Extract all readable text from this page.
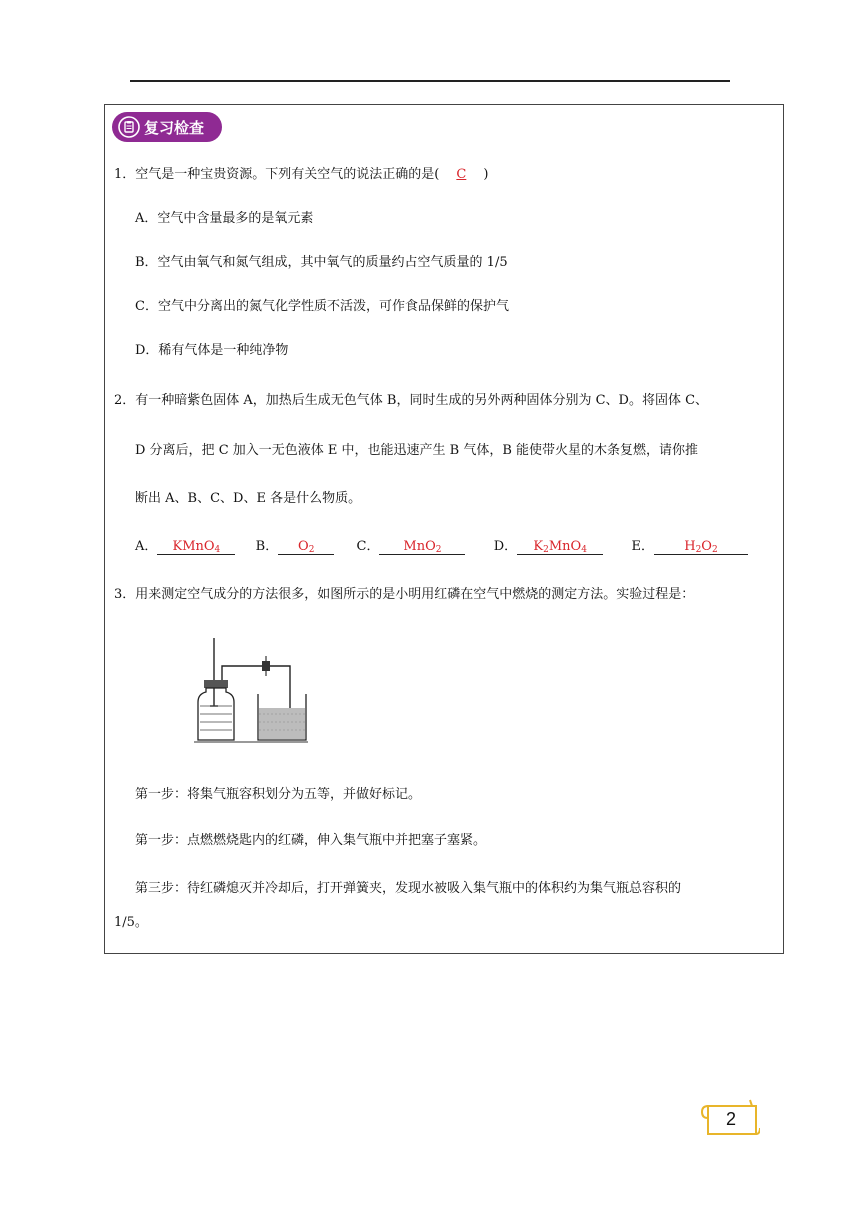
复习检查
1．空气是一种宝贵资源。下列有关空气的说法正确的是( C )
A．空气中含量最多的是氧元素
B．空气由氧气和氮气组成，其中氧气的质量约占空气质量的 1/5
C．空气中分离出的氮气化学性质不活泼，可作食品保鲜的保护气
D．稀有气体是一种纯净物
2．有一种暗紫色固体 A，加热后生成无色气体 B，同时生成的另外两种固体分别为 C、D。将固体 C、
D 分离后，把 C 加入一无色液体 E 中，也能迅速产生 B 气体，B 能使带火星的木条复燃，请你推
断出 A、B、C、D、E 各是什么物质。
A． KMnO$_4$	B． $O_2$	C． MnO$_2$	D． $K_2MnO_4$	E． $H_2O_2$
3．用来测定空气成分的方法很多，如图所示的是小明用红磷在空气中燃烧的测定方法。实验过程是：
第一步：将集气瓶容积划分为五等，并做好标记。
第一步：点燃燃烧匙内的红磷，伸入集气瓶中并把塞子塞紧。
第三步：待红磷熄灭并冷却后，打开弹簧夹，发现水被吸入集气瓶中的体积约为集气瓶总容积的
1/5。
2
